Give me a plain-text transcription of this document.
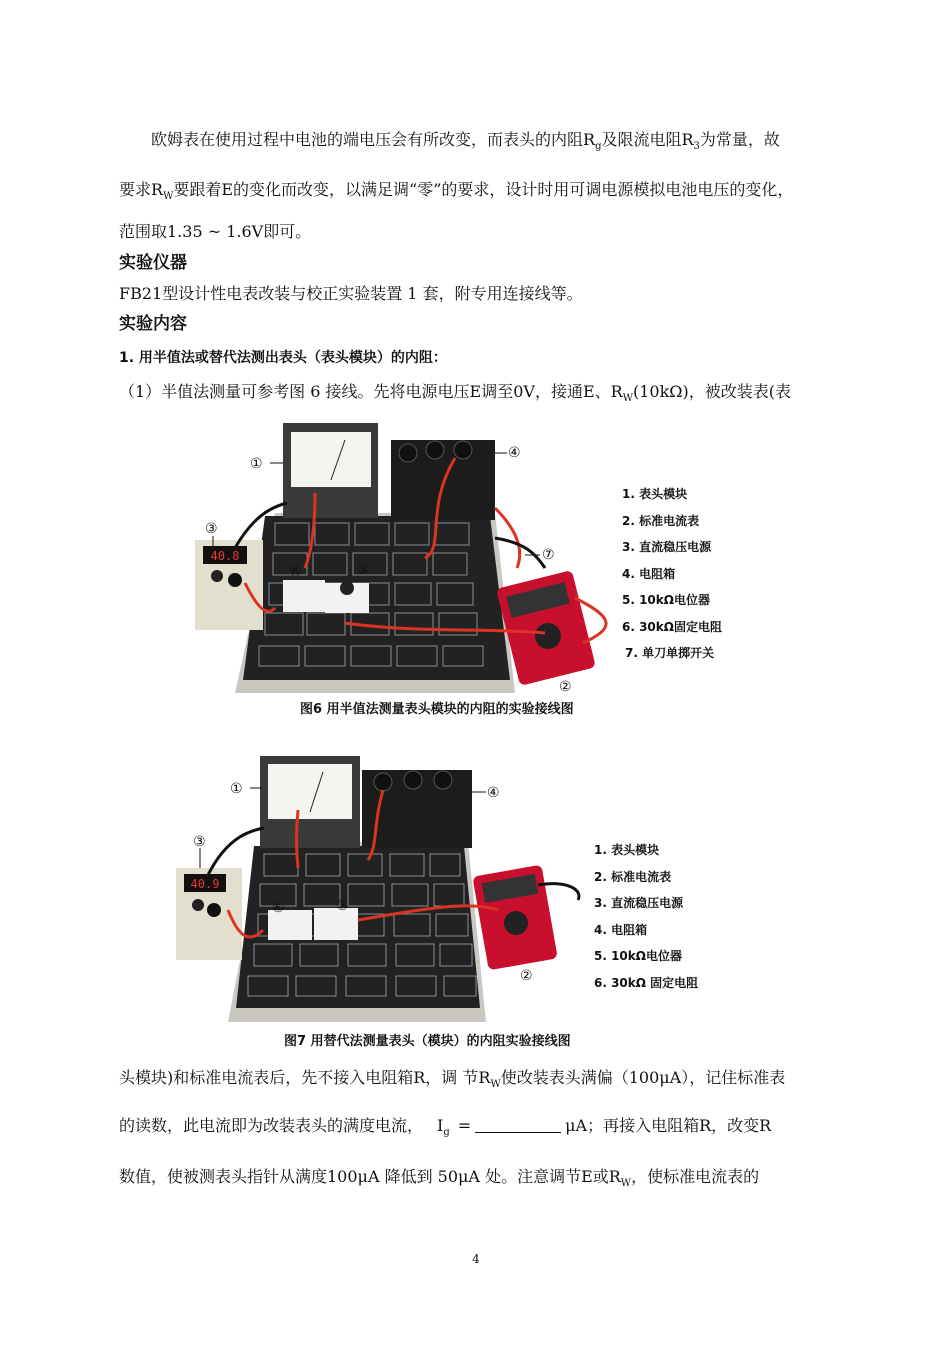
欧姆表在使用过程中电池的端电压会有所改变，而表头的内阻$R_g$及限流电阻$R_3$为常量，故
要求$R_W$要跟着E的变化而改变，以满足调“零”的要求，设计时用可调电源模拟电池电压的变化，
范围取1.35 ~ 1.6V即可。
实验仪器
FB21型设计性电表改装与校正实验装置 1 套，附专用连接线等。
实验内容
1. 用半值法或替代法测出表头（表头模块）的内阻：
（1）半值法测量可参考图 6 接线。先将电源电压E调至0V，接通E、$R_W(10k\Omega)$，被改装表(表
40.8
①
④
③
⑥	⑤
⑦
②
1. 表头模块
2. 标准电流表
3. 直流稳压电源
4. 电阻箱
5. 10kΩ电位器
6. 30kΩ固定电阻
7. 单刀单掷开关
图6 用半值法测量表头模块的内阻的实验接线图
40.9
①	④
③
⑥	⑤
②
1. 表头模块
2. 标准电流表
3. 直流稳压电源
4. 电阻箱
5. 10kΩ电位器
6. 30kΩ 固定电阻
图7 用替代法测量表头（模块）的内阻实验接线图
头模块)和标准电流表后，先不接入电阻箱R，调 节$R_W$使改装表头满偏（100μA），记住标准表
的读数，此电流即为改装表头的满度电流， $I_g$ =	μA；再接入电阻箱R，改变R
数值，使被测表头指针从满度100μA 降低到 50μA 处。注意调节E或$R_W$，使标准电流表的
4
